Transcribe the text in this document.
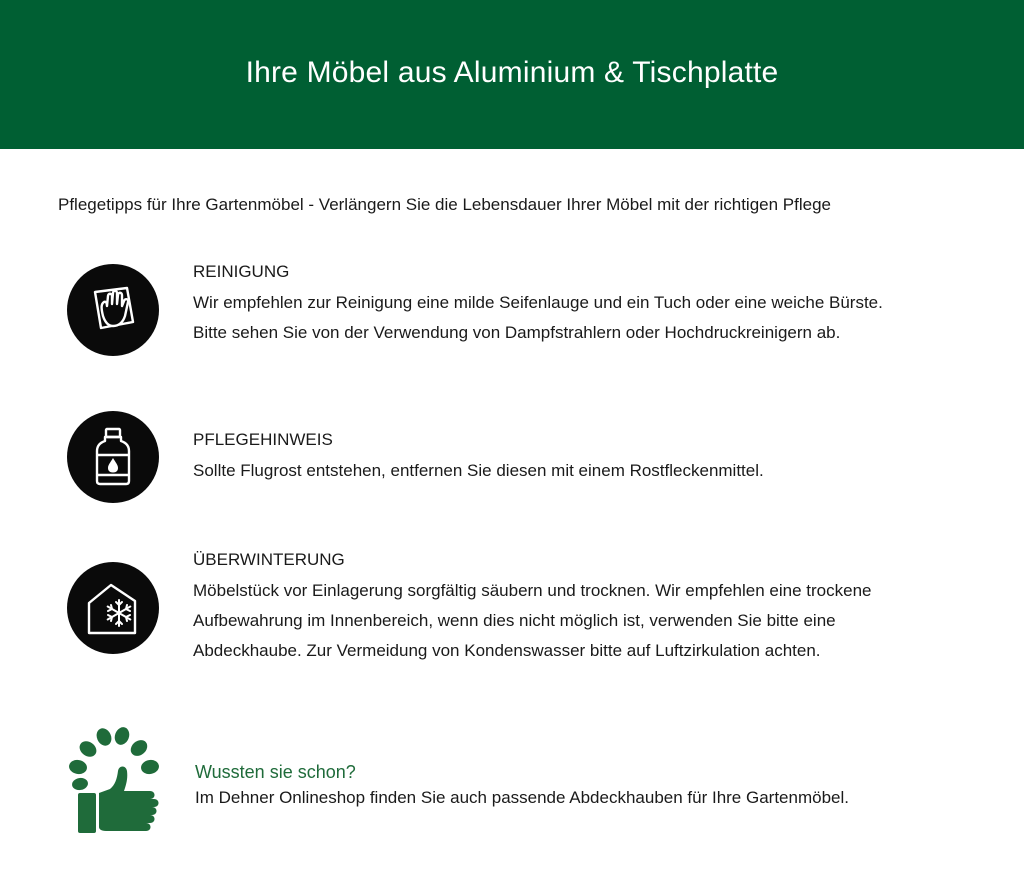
Ihre Möbel aus Aluminium & Tischplatte
Pflegetipps für Ihre Gartenmöbel - Verlängern Sie die Lebensdauer Ihrer Möbel mit der richtigen Pflege
REINIGUNG
Wir empfehlen zur Reinigung eine milde Seifenlauge und ein Tuch oder eine weiche Bürste.
Bitte sehen Sie von der Verwendung von Dampfstrahlern oder Hochdruckreinigern ab.
PFLEGEHINWEIS
Sollte Flugrost entstehen, entfernen Sie diesen mit einem Rostfleckenmittel.
ÜBERWINTERUNG
Möbelstück vor Einlagerung sorgfältig säubern und trocknen. Wir empfehlen eine trockene
Aufbewahrung im Innenbereich, wenn dies nicht möglich ist, verwenden Sie bitte eine
Abdeckhaube. Zur Vermeidung von Kondenswasser bitte auf Luftzirkulation achten.
Wussten sie schon?
Im Dehner Onlineshop finden Sie auch passende Abdeckhauben für Ihre Gartenmöbel.
